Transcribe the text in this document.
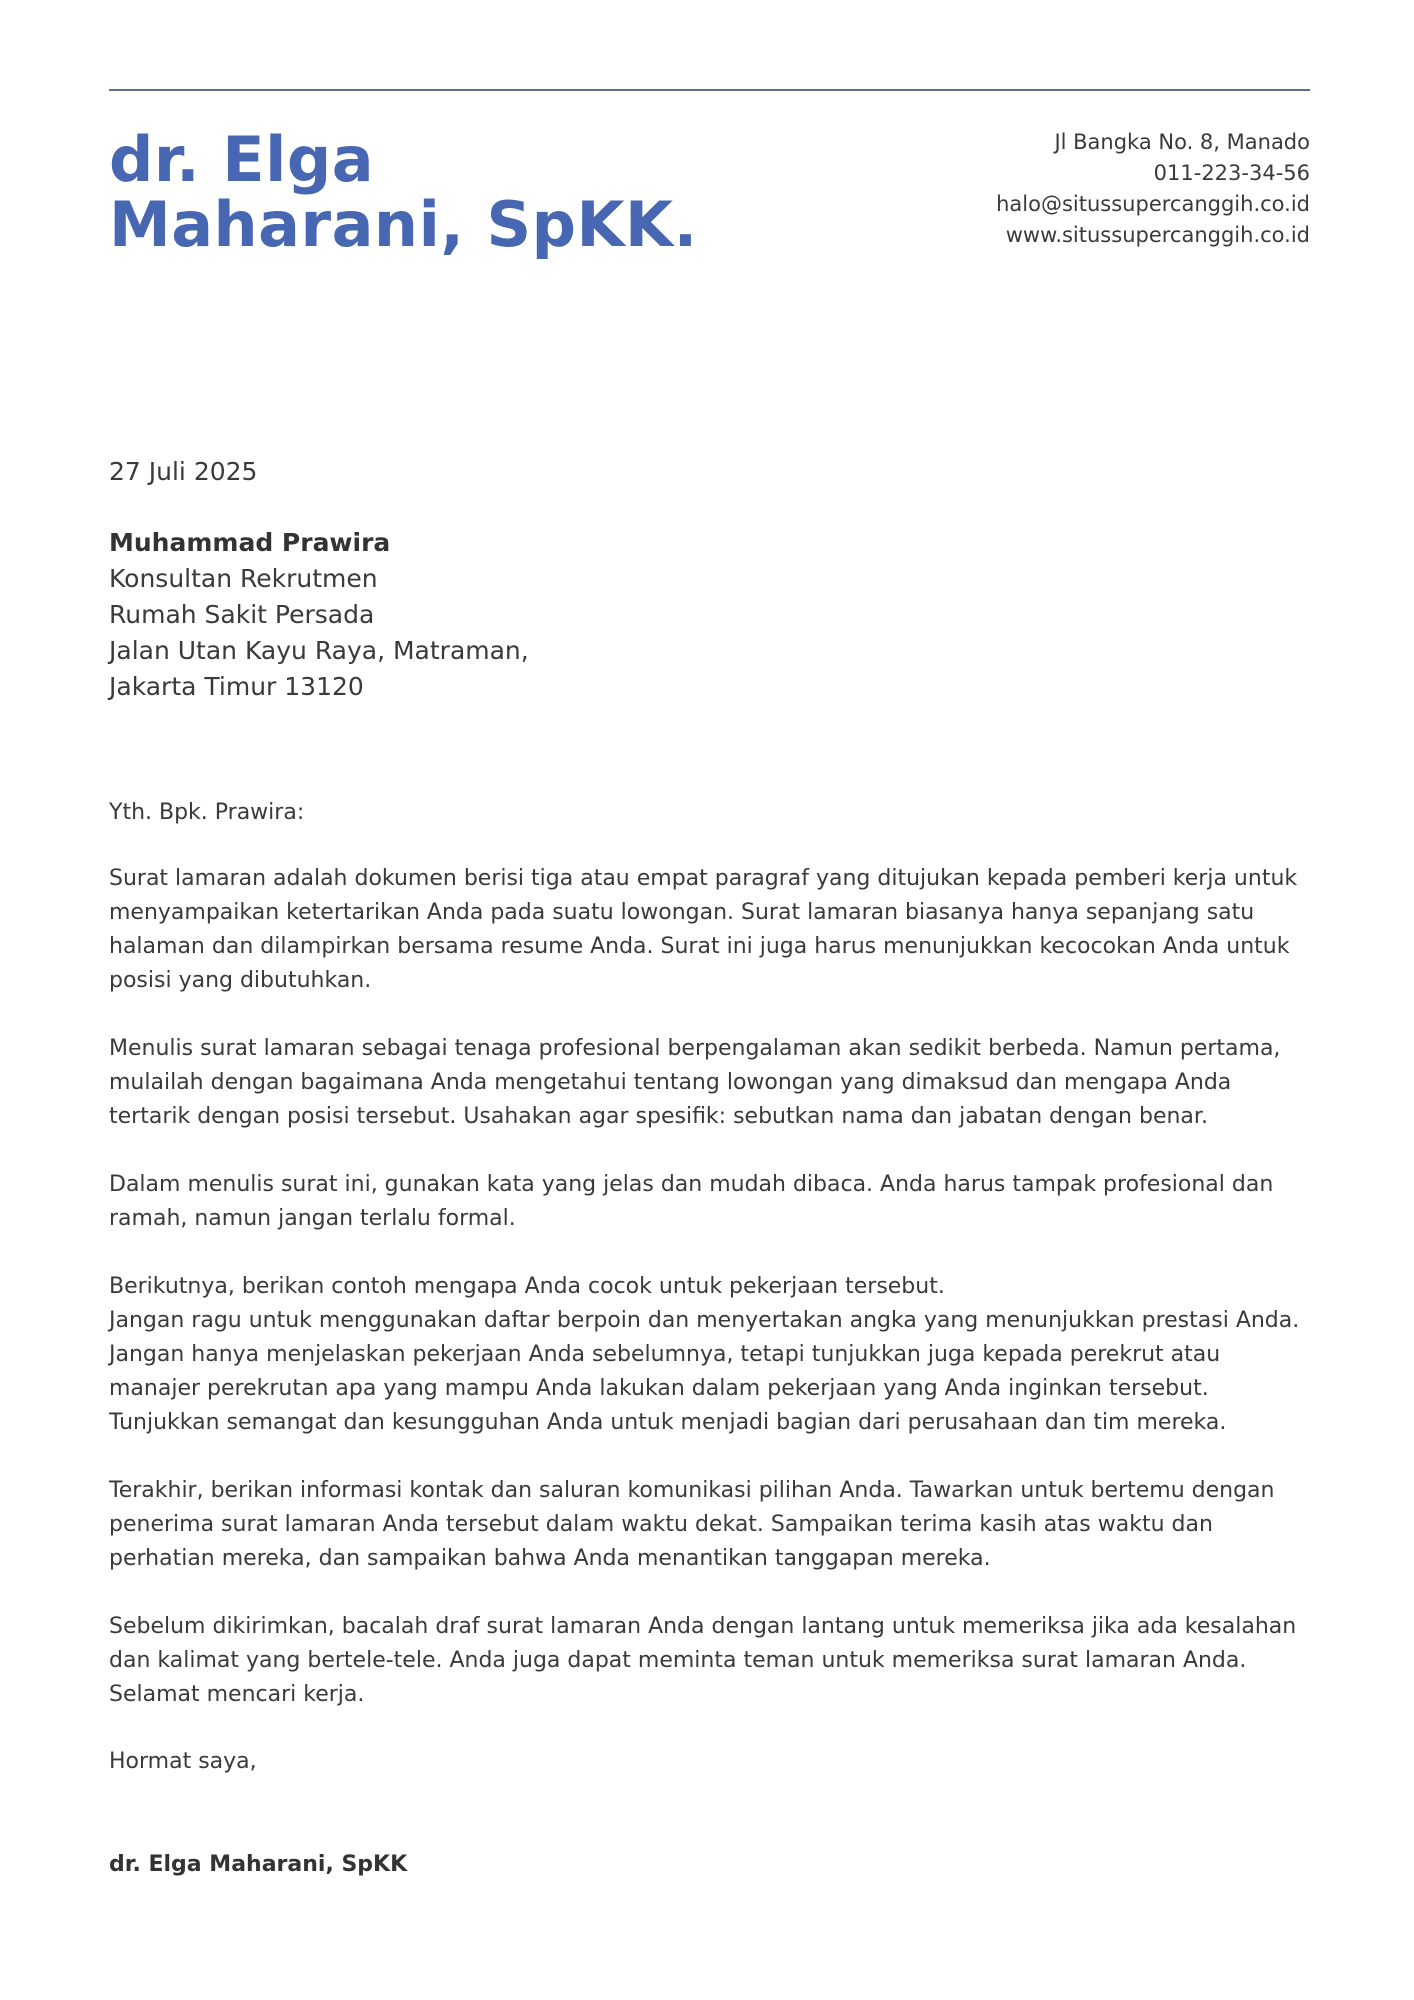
dr. Elga
Maharani, SpKK.
Jl Bangka No. 8, Manado
011-223-34-56
halo@situssupercanggih.co.id
www.situssupercanggih.co.id
27 Juli 2025
Muhammad Prawira
Konsultan Rekrutmen
Rumah Sakit Persada
Jalan Utan Kayu Raya, Matraman,
Jakarta Timur 13120
Yth. Bpk. Prawira:

Surat lamaran adalah dokumen berisi tiga atau empat paragraf yang ditujukan kepada pemberi kerja untuk
menyampaikan ketertarikan Anda pada suatu lowongan. Surat lamaran biasanya hanya sepanjang satu
halaman dan dilampirkan bersama resume Anda. Surat ini juga harus menunjukkan kecocokan Anda untuk
posisi yang dibutuhkan.

Menulis surat lamaran sebagai tenaga profesional berpengalaman akan sedikit berbeda. Namun pertama,
mulailah dengan bagaimana Anda mengetahui tentang lowongan yang dimaksud dan mengapa Anda
tertarik dengan posisi tersebut. Usahakan agar spesifik: sebutkan nama dan jabatan dengan benar.

Dalam menulis surat ini, gunakan kata yang jelas dan mudah dibaca. Anda harus tampak profesional dan
ramah, namun jangan terlalu formal.

Berikutnya, berikan contoh mengapa Anda cocok untuk pekerjaan tersebut.
Jangan ragu untuk menggunakan daftar berpoin dan menyertakan angka yang menunjukkan prestasi Anda.
Jangan hanya menjelaskan pekerjaan Anda sebelumnya, tetapi tunjukkan juga kepada perekrut atau
manajer perekrutan apa yang mampu Anda lakukan dalam pekerjaan yang Anda inginkan tersebut.
Tunjukkan semangat dan kesungguhan Anda untuk menjadi bagian dari perusahaan dan tim mereka.

Terakhir, berikan informasi kontak dan saluran komunikasi pilihan Anda. Tawarkan untuk bertemu dengan
penerima surat lamaran Anda tersebut dalam waktu dekat. Sampaikan terima kasih atas waktu dan
perhatian mereka, dan sampaikan bahwa Anda menantikan tanggapan mereka.

Sebelum dikirimkan, bacalah draf surat lamaran Anda dengan lantang untuk memeriksa jika ada kesalahan
dan kalimat yang bertele-tele. Anda juga dapat meminta teman untuk memeriksa surat lamaran Anda.
Selamat mencari kerja.

Hormat saya,
dr. Elga Maharani, SpKK
